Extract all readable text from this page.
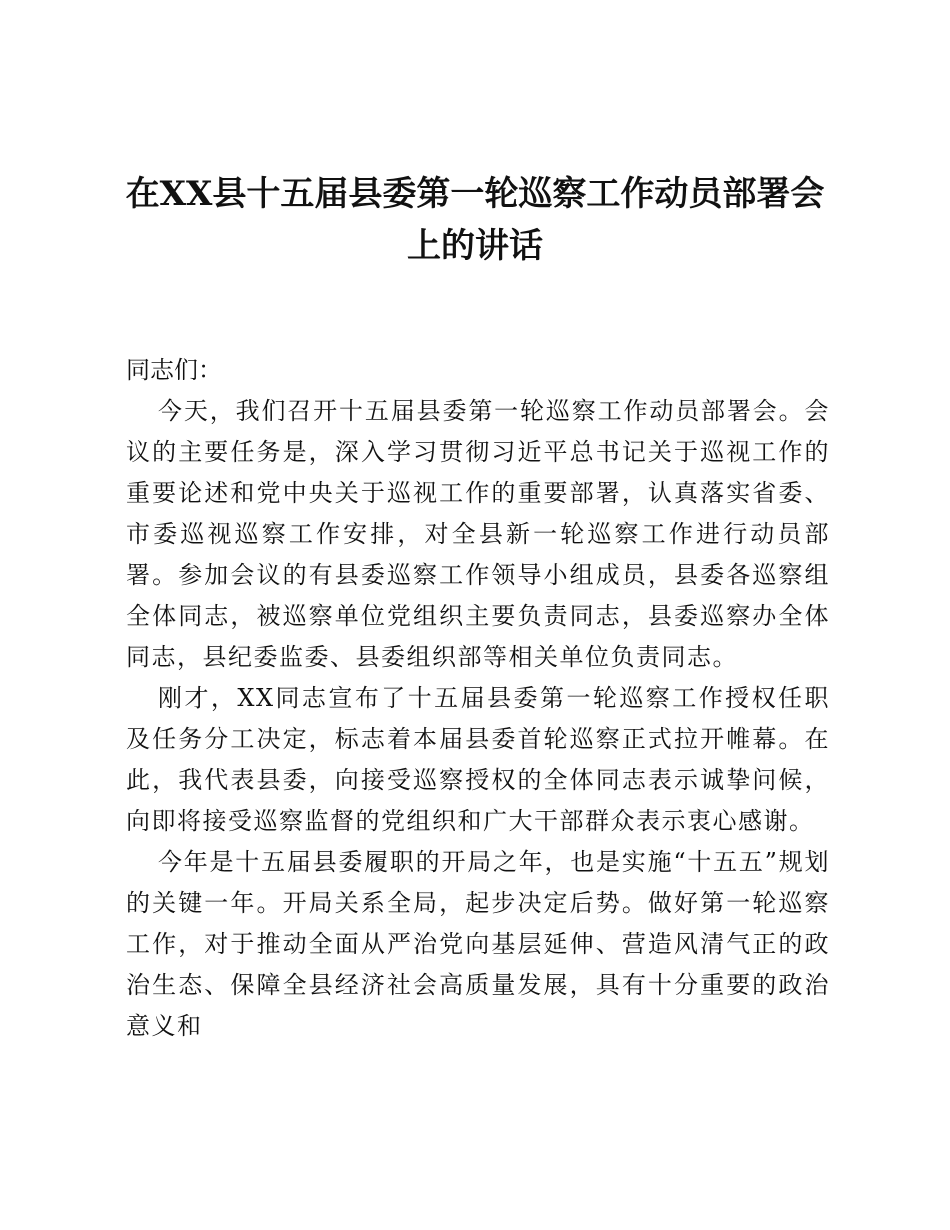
在XX县十五届县委第一轮巡察工作动员部署会上的讲话

同志们：

今天，我们召开十五届县委第一轮巡察工作动员部署会。会议的主要任务是，深入学习贯彻习近平总书记关于巡视工作的重要论述和党中央关于巡视工作的重要部署，认真落实省委、市委巡视巡察工作安排，对全县新一轮巡察工作进行动员部署。参加会议的有县委巡察工作领导小组成员，县委各巡察组全体同志，被巡察单位党组织主要负责同志，县委巡察办全体同志，县纪委监委、县委组织部等相关单位负责同志。

刚才，XX同志宣布了十五届县委第一轮巡察工作授权任职及任务分工决定，标志着本届县委首轮巡察正式拉开帷幕。在此，我代表县委，向接受巡察授权的全体同志表示诚挚问候，向即将接受巡察监督的党组织和广大干部群众表示衷心感谢。

今年是十五届县委履职的开局之年，也是实施“十五五”规划的关键一年。开局关系全局，起步决定后势。做好第一轮巡察工作，对于推动全面从严治党向基层延伸、营造风清气正的政治生态、保障全县经济社会高质量发展，具有十分重要的政治意义和
